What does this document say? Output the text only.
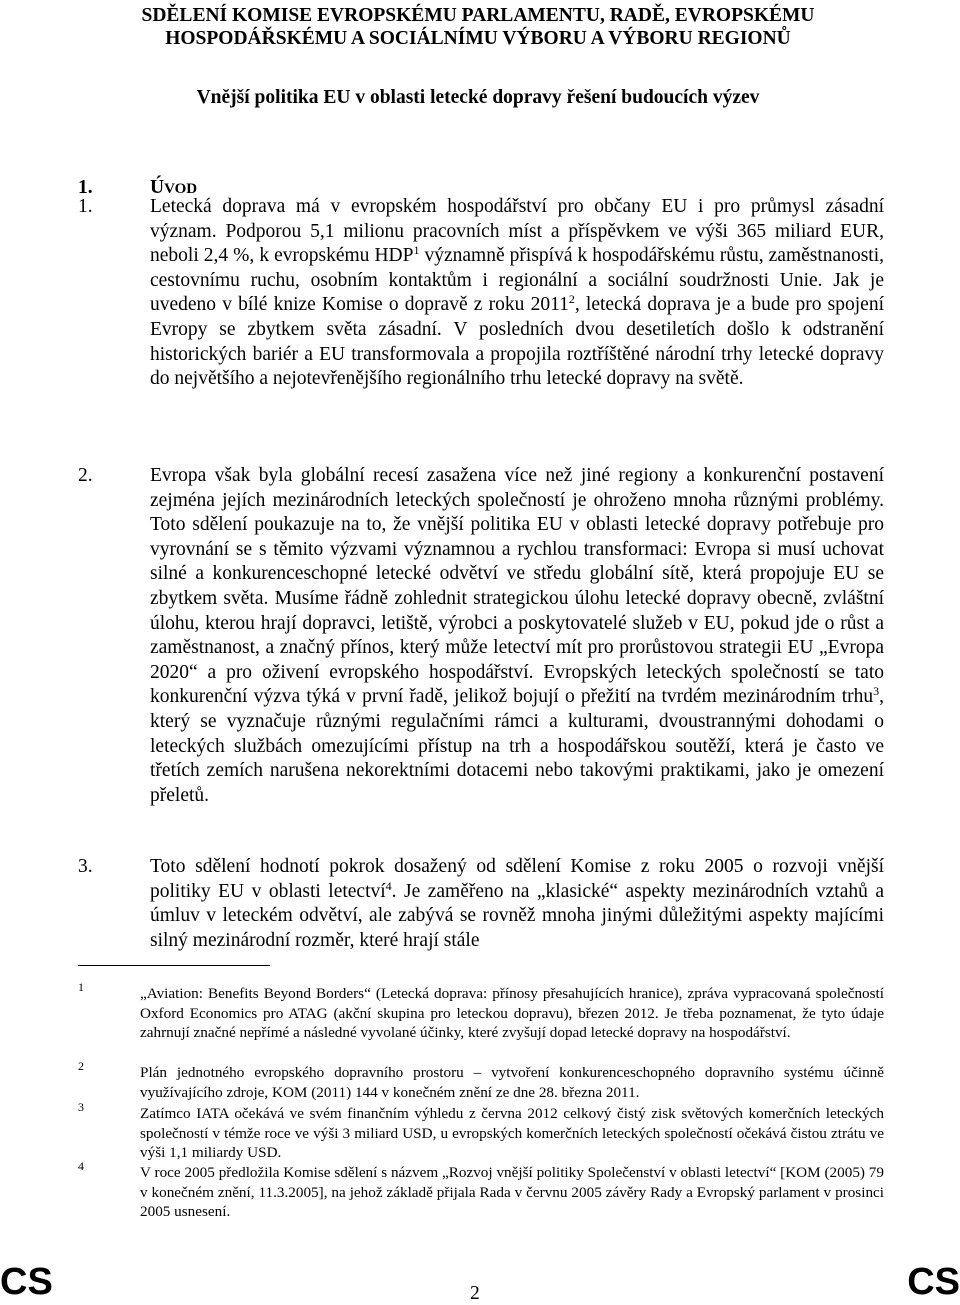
SDĚLENÍ KOMISE EVROPSKÉMU PARLAMENTU, RADĚ, EVROPSKÉMU
HOSPODÁŘSKÉMU A SOCIÁLNÍMU VÝBORU A VÝBORU REGIONŮ
Vnější politika EU v oblasti letecké dopravy řešení budoucích výzev
1.	ÚVOD
1.	Letecká doprava má v evropském hospodářství pro občany EU i pro průmysl zásadní význam. Podporou 5,1 milionu pracovních míst a příspěvkem ve výši 365 miliard EUR, neboli 2,4 %, k evropskému HDP$^1$ významně přispívá k hospodářskému růstu, zaměstnanosti, cestovnímu ruchu, osobním kontaktům i regionální a sociální soudržnosti Unie. Jak je uvedeno v bílé knize Komise o dopravě z roku 2011$^2$, letecká doprava je a bude pro spojení Evropy se zbytkem světa zásadní. V posledních dvou desetiletích došlo k odstranění historických bariér a EU transformovala a propojila roztříštěné národní trhy letecké dopravy do největšího a nejotevřenějšího regionálního trhu letecké dopravy na světě.
2.	Evropa však byla globální recesí zasažena více než jiné regiony a konkurenční postavení zejména jejích mezinárodních leteckých společností je ohroženo mnoha různými problémy. Toto sdělení poukazuje na to, že vnější politika EU v oblasti letecké dopravy potřebuje pro vyrovnání se s těmito výzvami významnou a rychlou transformaci: Evropa si musí uchovat silné a konkurenceschopné letecké odvětví ve středu globální sítě, která propojuje EU se zbytkem světa. Musíme řádně zohlednit strategickou úlohu letecké dopravy obecně, zvláštní úlohu, kterou hrají dopravci, letiště, výrobci a poskytovatelé služeb v EU, pokud jde o růst a zaměstnanost, a značný přínos, který může letectví mít pro prorůstovou strategii EU „Evropa 2020“ a pro oživení evropského hospodářství. Evropských leteckých společností se tato konkurenční výzva týká v první řadě, jelikož bojují o přežití na tvrdém mezinárodním trhu$^3$, který se vyznačuje různými regulačními rámci a kulturami, dvoustrannými dohodami o leteckých službách omezujícími přístup na trh a hospodářskou soutěží, která je často ve třetích zemích narušena nekorektními dotacemi nebo takovými praktikami, jako je omezení přeletů.
3.	Toto sdělení hodnotí pokrok dosažený od sdělení Komise z roku 2005 o rozvoji vnější politiky EU v oblasti letectví$^4$. Je zaměřeno na „klasické“ aspekty mezinárodních vztahů a úmluv v leteckém odvětví, ale zabývá se rovněž mnoha jinými důležitými aspekty majícími silný mezinárodní rozměr, které hrají stále
1	„Aviation: Benefits Beyond Borders“ (Letecká doprava: přínosy přesahujících hranice), zpráva vypracovaná společností Oxford Economics pro ATAG (akční skupina pro leteckou dopravu), březen 2012. Je třeba poznamenat, že tyto údaje zahrnují značné nepřímé a následné vyvolané účinky, které zvyšují dopad letecké dopravy na hospodářství.
2	Plán jednotného evropského dopravního prostoru – vytvoření konkurenceschopného dopravního systému účinně využívajícího zdroje, KOM (2011) 144 v konečném znění ze dne 28. března 2011.
3	Zatímco IATA očekává ve svém finančním výhledu z června 2012 celkový čistý zisk světových komerčních leteckých společností v témže roce ve výši 3 miliard USD, u evropských komerčních leteckých společností očekává čistou ztrátu ve výši 1,1 miliardy USD.
4	V roce 2005 předložila Komise sdělení s názvem „Rozvoj vnější politiky Společenství v oblasti letectví“ [KOM (2005) 79 v konečném znění, 11.3.2005], na jehož základě přijala Rada v červnu 2005 závěry Rady a Evropský parlament v prosinci 2005 usnesení.
CS	2	CS
